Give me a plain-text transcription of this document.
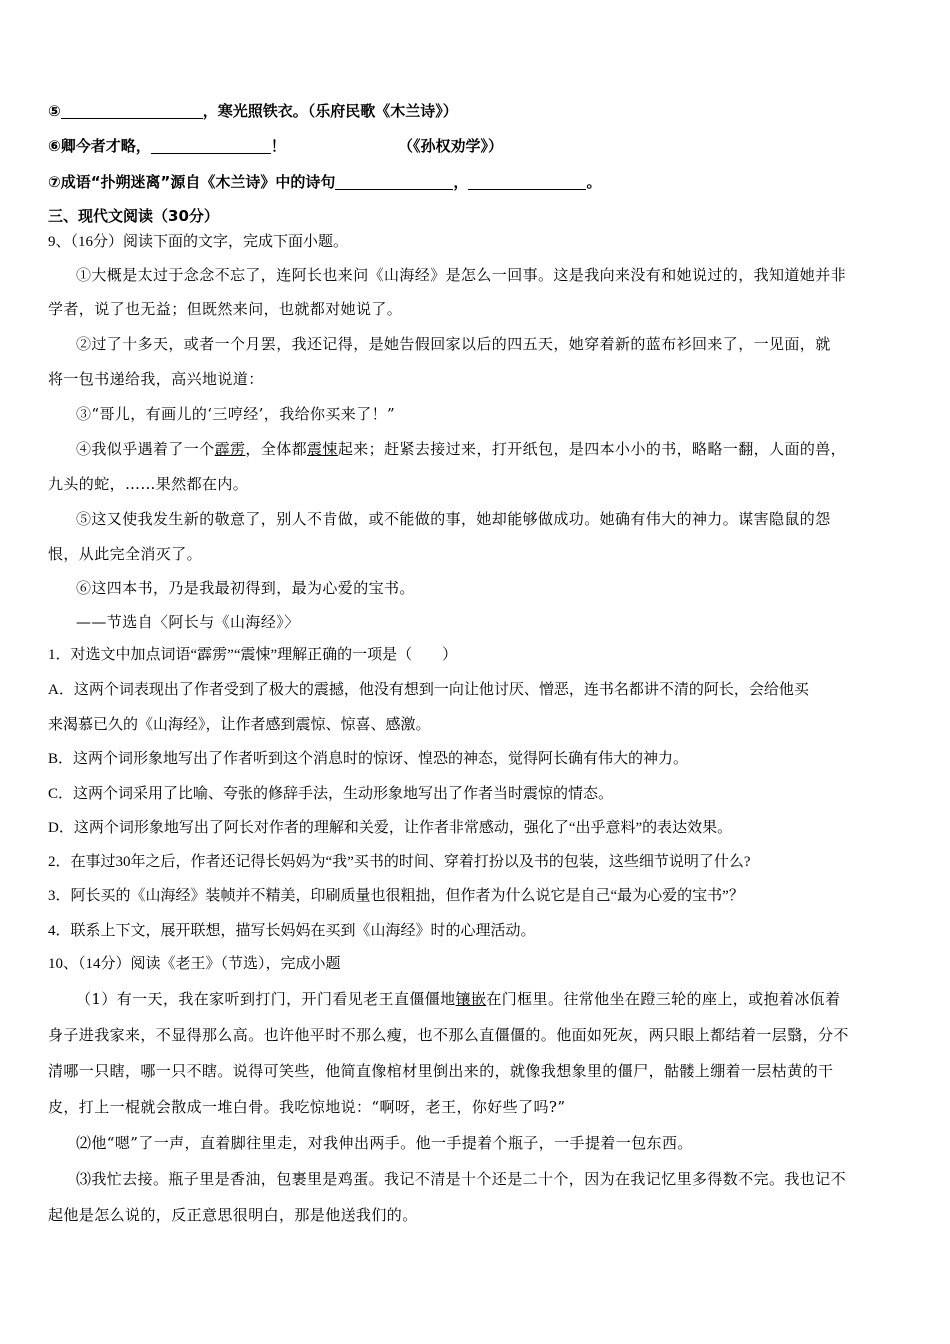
⑤	，寒光照铁衣。（乐府民歌《木兰诗》）
⑥卿今者才略，	！	（《孙权劝学》）
⑦成语“扑朔迷离”源自《木兰诗》中的诗句	，	。
三、现代文阅读（30分）
9、（16分）阅读下面的文字，完成下面小题。
①大概是太过于念念不忘了，连阿长也来问《山海经》是怎么一回事。这是我向来没有和她说过的，我知道她并非
学者，说了也无益；但既然来问，也就都对她说了。
②过了十多天，或者一个月罢，我还记得，是她告假回家以后的四五天，她穿着新的蓝布衫回来了，一见面，就
将一包书递给我，高兴地说道：
③“哥儿，有画儿的‘三哼经’，我给你买来了！”
④我似乎遇着了一个霹雳，全体都震悚起来；赶紧去接过来，打开纸包，是四本小小的书，略略一翻，人面的兽，
九头的蛇，……果然都在内。
⑤这又使我发生新的敬意了，别人不肯做，或不能做的事，她却能够做成功。她确有伟大的神力。谋害隐鼠的怨
恨，从此完全消灭了。
⑥这四本书，乃是我最初得到，最为心爱的宝书。
——节选自〈阿长与《山海经》〉
1．对选文中加点词语“霹雳”“震悚”理解正确的一项是（　　）
A．这两个词表现出了作者受到了极大的震撼，他没有想到一向让他讨厌、憎恶，连书名都讲不清的阿长，会给他买
来渴慕已久的《山海经》，让作者感到震惊、惊喜、感激。
B．这两个词形象地写出了作者听到这个消息时的惊讶、惶恐的神态，觉得阿长确有伟大的神力。
C．这两个词采用了比喻、夸张的修辞手法，生动形象地写出了作者当时震惊的情态。
D．这两个词形象地写出了阿长对作者的理解和关爱，让作者非常感动，强化了“出乎意料”的表达效果。
2．在事过30年之后，作者还记得长妈妈为“我”买书的时间、穿着打扮以及书的包装，这些细节说明了什么?
3．阿长买的《山海经》装帧并不精美，印刷质量也很粗拙，但作者为什么说它是自己“最为心爱的宝书”？
4．联系上下文，展开联想，描写长妈妈在买到《山海经》时的心理活动。
10、（14分）阅读《老王》（节选），完成小题
（1）有一天，我在家听到打门，开门看见老王直僵僵地镶嵌在门框里。往常他坐在蹬三轮的座上，或抱着冰佤着
身子进我家来，不显得那么高。也许他平时不那么瘦，也不那么直僵僵的。他面如死灰，两只眼上都结着一层翳，分不
清哪一只瞎，哪一只不瞎。说得可笑些，他简直像棺材里倒出来的，就像我想象里的僵尸，骷髅上绷着一层枯黄的干
皮，打上一棍就会散成一堆白骨。我吃惊地说：“啊呀，老王，你好些了吗?”
⑵他“嗯”了一声，直着脚往里走，对我伸出两手。他一手提着个瓶子，一手提着一包东西。
⑶我忙去接。瓶子里是香油，包裹里是鸡蛋。我记不清是十个还是二十个，因为在我记忆里多得数不完。我也记不
起他是怎么说的，反正意思很明白，那是他送我们的。
